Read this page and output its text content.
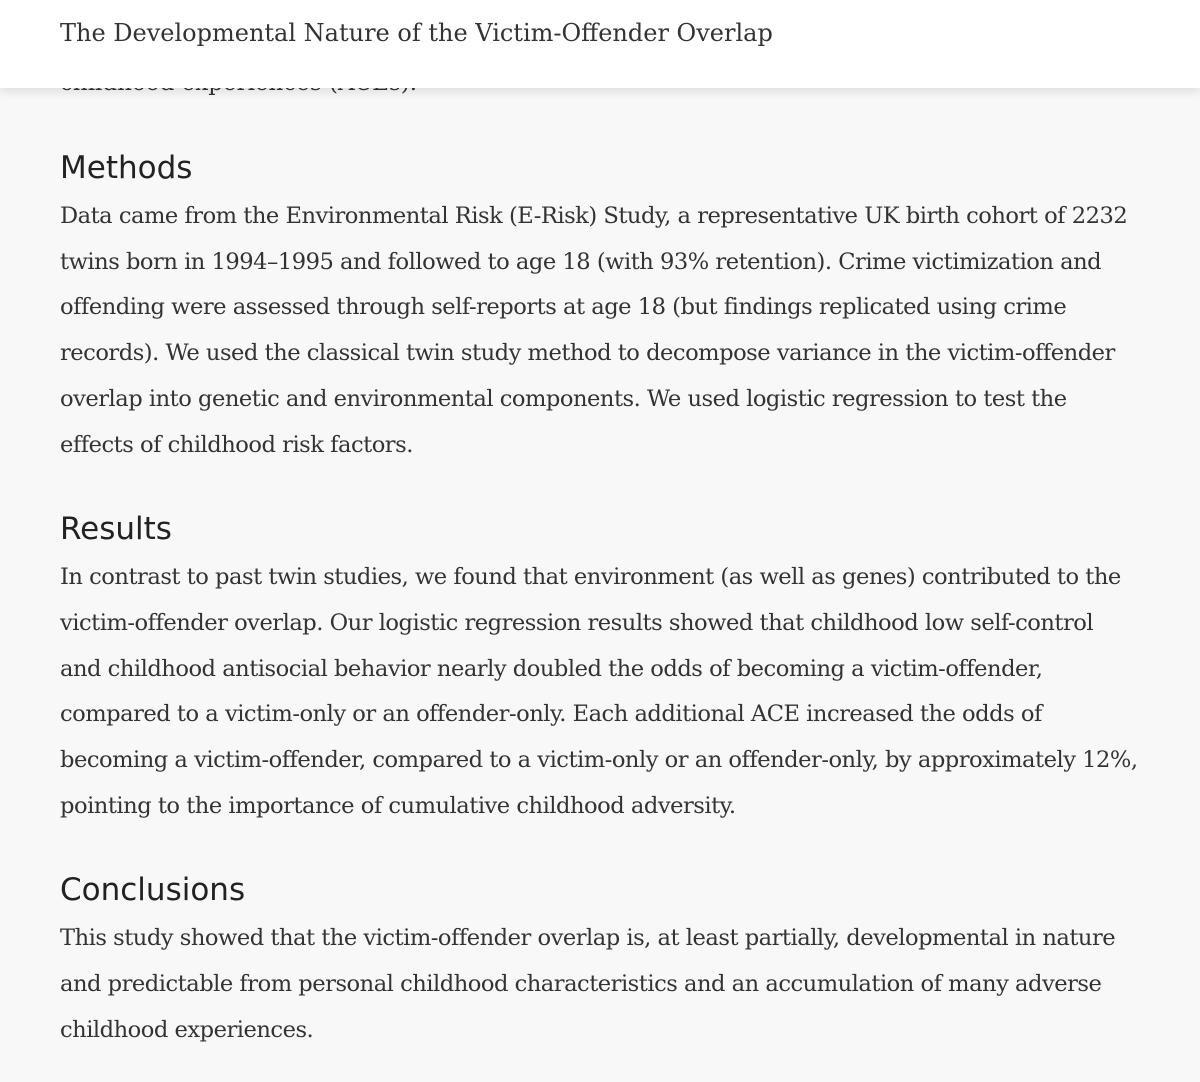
The Developmental Nature of the Victim-Offender Overlap
Methods

Data came from the Environmental Risk (E-Risk) Study, a representative UK birth cohort of 2232 twins born in 1994–1995 and followed to age 18 (with 93% retention). Crime victimization and offending were assessed through self-reports at age 18 (but findings replicated using crime records). We used the classical twin study method to decompose variance in the victim-offender overlap into genetic and environmental components. We used logistic regression to test the effects of childhood risk factors.

Results

In contrast to past twin studies, we found that environment (as well as genes) contributed to the victim-offender overlap. Our logistic regression results showed that childhood low self-control and childhood antisocial behavior nearly doubled the odds of becoming a victim-offender, compared to a victim-only or an offender-only. Each additional ACE increased the odds of becoming a victim-offender, compared to a victim-only or an offender-only, by approximately 12%, pointing to the importance of cumulative childhood adversity.

Conclusions

This study showed that the victim-offender overlap is, at least partially, developmental in nature and predictable from personal childhood characteristics and an accumulation of many adverse childhood experiences.
